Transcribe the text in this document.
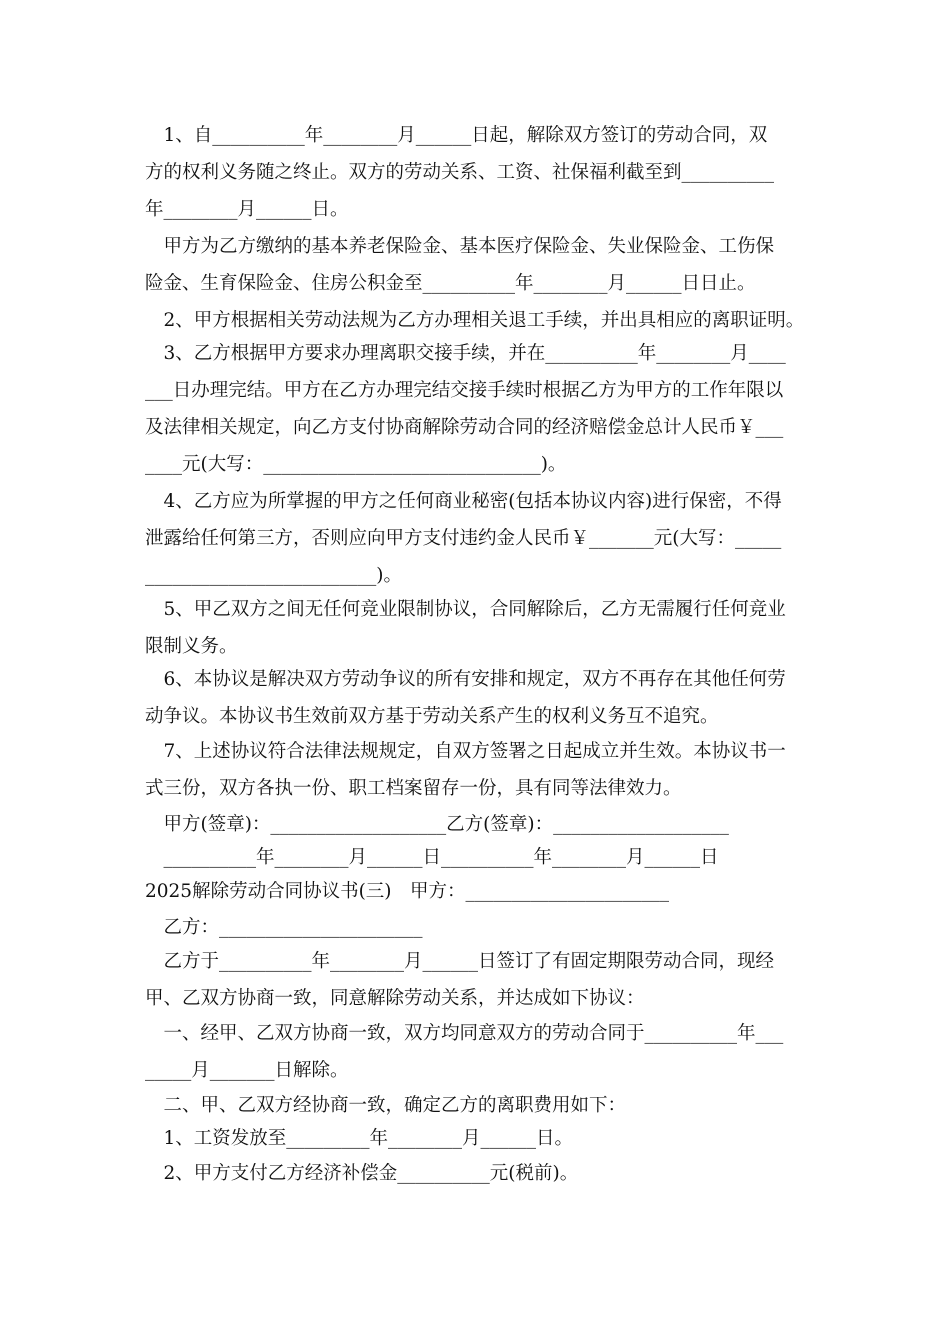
　1、自__________年________月______日起，解除双方签订的劳动合同，双

方的权利义务随之终止。双方的劳动关系、工资、社保福利截至到__________

年________月______日。

　甲方为乙方缴纳的基本养老保险金、基本医疗保险金、失业保险金、工伤保

险金、生育保险金、住房公积金至__________年________月______日日止。

　2、甲方根据相关劳动法规为乙方办理相关退工手续，并出具相应的离职证明。

　3、乙方根据甲方要求办理离职交接手续，并在__________年________月____

___日办理完结。甲方在乙方办理完结交接手续时根据乙方为甲方的工作年限以

及法律相关规定，向乙方支付协商解除劳动合同的经济赔偿金总计人民币￥___

____元(大写：______________________________)。

　4、乙方应为所掌握的甲方之任何商业秘密(包括本协议内容)进行保密，不得

泄露给任何第三方，否则应向甲方支付违约金人民币￥_______元(大写：_____

_________________________)。

　5、甲乙双方之间无任何竞业限制协议，合同解除后，乙方无需履行任何竞业

限制义务。

　6、本协议是解决双方劳动争议的所有安排和规定，双方不再存在其他任何劳

动争议。本协议书生效前双方基于劳动关系产生的权利义务互不追究。

　7、上述协议符合法律法规规定，自双方签署之日起成立并生效。本协议书一

式三份，双方各执一份、职工档案留存一份，具有同等法律效力。

　甲方(签章)：___________________乙方(签章)：___________________

　__________年________月______日__________年________月______日

2025解除劳动合同协议书(三)　甲方：______________________

　乙方：______________________

　乙方于__________年________月______日签订了有固定期限劳动合同，现经

甲、乙双方协商一致，同意解除劳动关系，并达成如下协议：

　一、经甲、乙双方协商一致，双方均同意双方的劳动合同于__________年___

_____月_______日解除。

　二、甲、乙双方经协商一致，确定乙方的离职费用如下：

　1、工资发放至_________年________月______日。

　2、甲方支付乙方经济补偿金__________元(税前)。
